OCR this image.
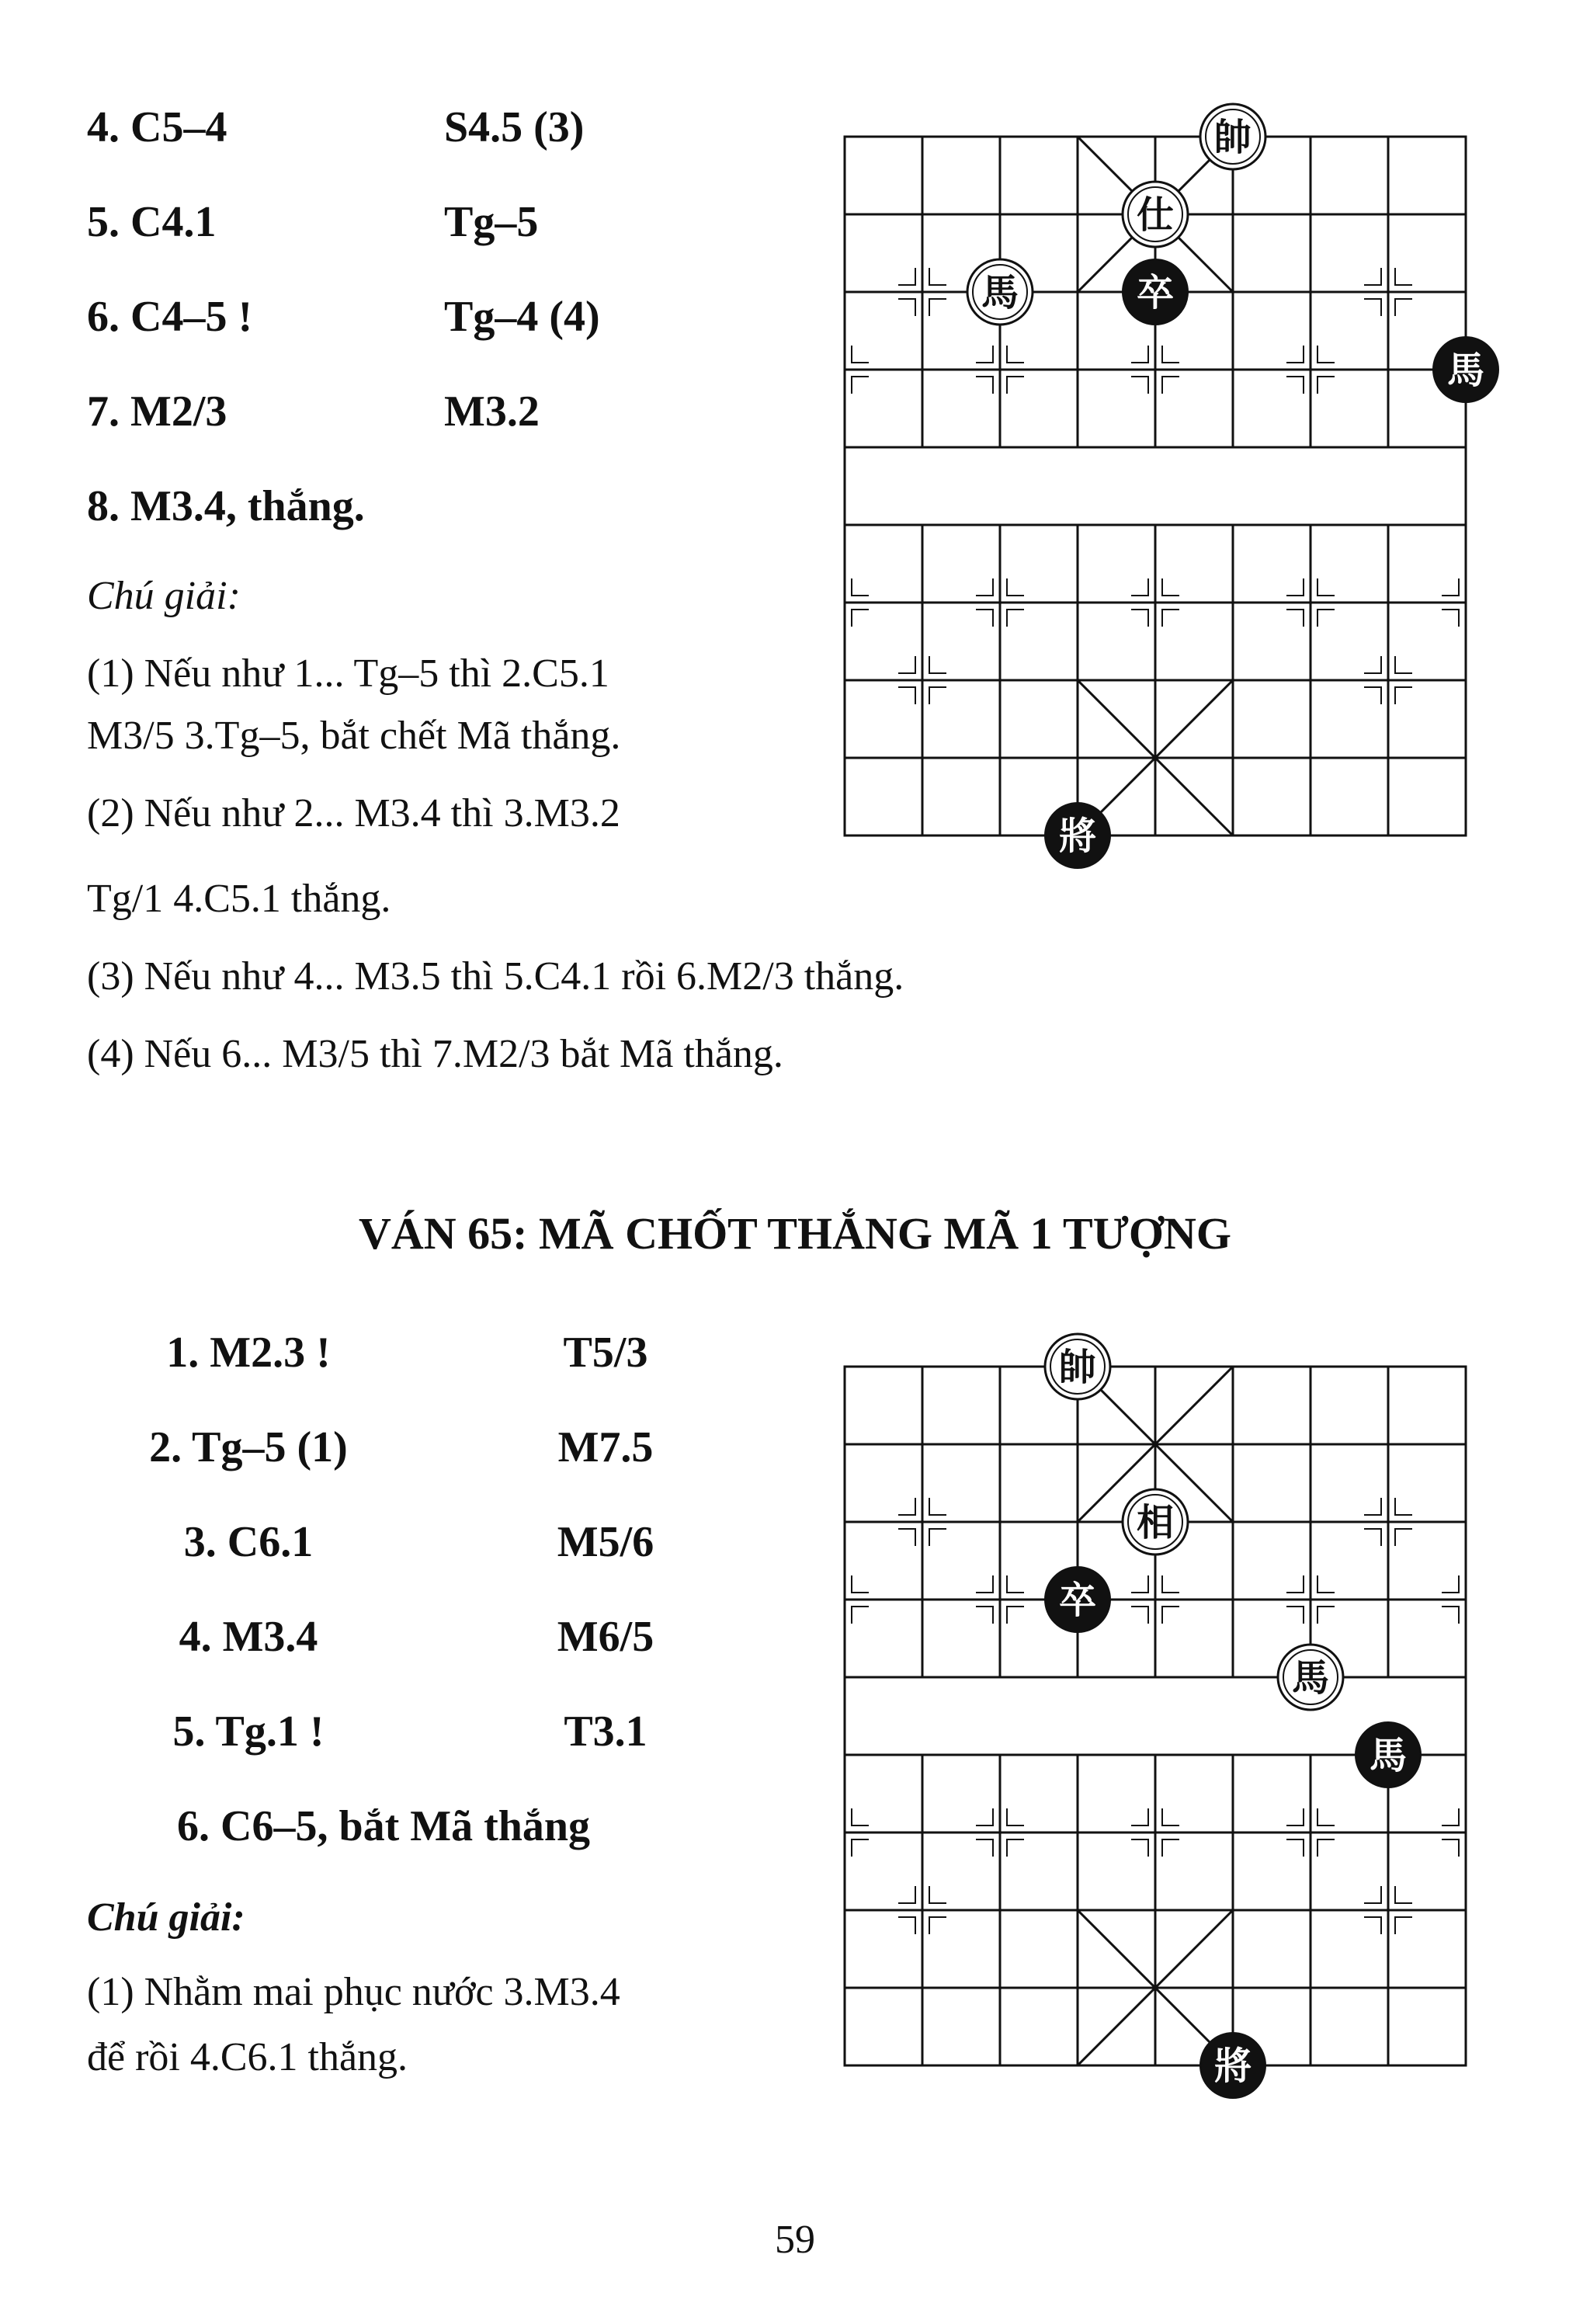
4. C5–4	S4.5 (3)
5. C4.1	Tg–5
6. C4–5 !	Tg–4 (4)
7. M2/3	M3.2
8. M3.4, thắng.
Chú giải:
(1) Nếu như 1... Tg–5 thì 2.C5.1
M3/5 3.Tg–5, bắt chết Mã thắng.
(2) Nếu như 2... M3.4 thì 3.M3.2
Tg/1 4.C5.1 thắng.
(3) Nếu như 4... M3.5 thì 5.C4.1 rồi 6.M2/3 thắng.
(4) Nếu 6... M3/5 thì 7.M2/3 bắt Mã thắng.
帥
仕
馬	卒
馬
將
VÁN 65: MÃ CHỐT THẮNG MÃ 1 TƯỢNG
1. M2.3 !	T5/3
2. Tg–5 (1)	M7.5
3. C6.1	M5/6
4. M3.4	M6/5
5. Tg.1 !	T3.1
6. C6–5, bắt Mã thắng
Chú giải:
(1) Nhằm mai phục nước 3.M3.4
để rồi 4.C6.1 thắng.
帥
相
卒
馬
馬
將
59
